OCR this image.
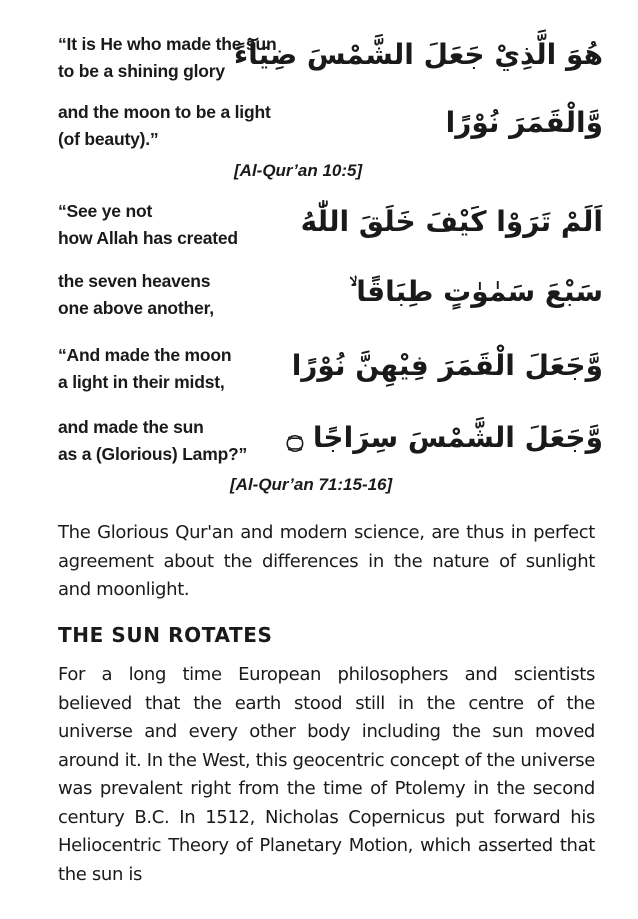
“It is He who made the sun
to be a shining glory هُوَ الَّذِيْ جَعَلَ الشَّمْسَ ضِيَآءً
and the moon to be a light
(of beauty).”	وَّالْقَمَرَ نُوْرًا
[Al-Qur’an 10:5]
“See ye not
how Allah has created اَلَمْ تَرَوْا كَيْفَ خَلَقَ اللّٰهُ
the seven heavens
one above another,	سَبْعَ سَمٰوٰتٍ طِبَاقًا ۙ
“And made the moon
a light in their midst, وَّجَعَلَ الْقَمَرَ فِيْهِنَّ نُوْرًا
and made the sun
as a (Glorious) Lamp?” وَّجَعَلَ الشَّمْسَ سِرَاجًا ۝
[Al-Qur’an 71:15-16]

The Glorious Qur'an and modern science, are thus in perfect agreement about the differences in the nature of sunlight and moonlight.

THE SUN ROTATES

For a long time European philosophers and scientists believed that the earth stood still in the centre of the universe and every other body including the sun moved around it. In the West, this geocentric concept of the universe was prevalent right from the time of Ptolemy in the second century B.C. In 1512, Nicholas Copernicus put forward his Heliocentric Theory of Planetary Motion, which asserted that the sun is
